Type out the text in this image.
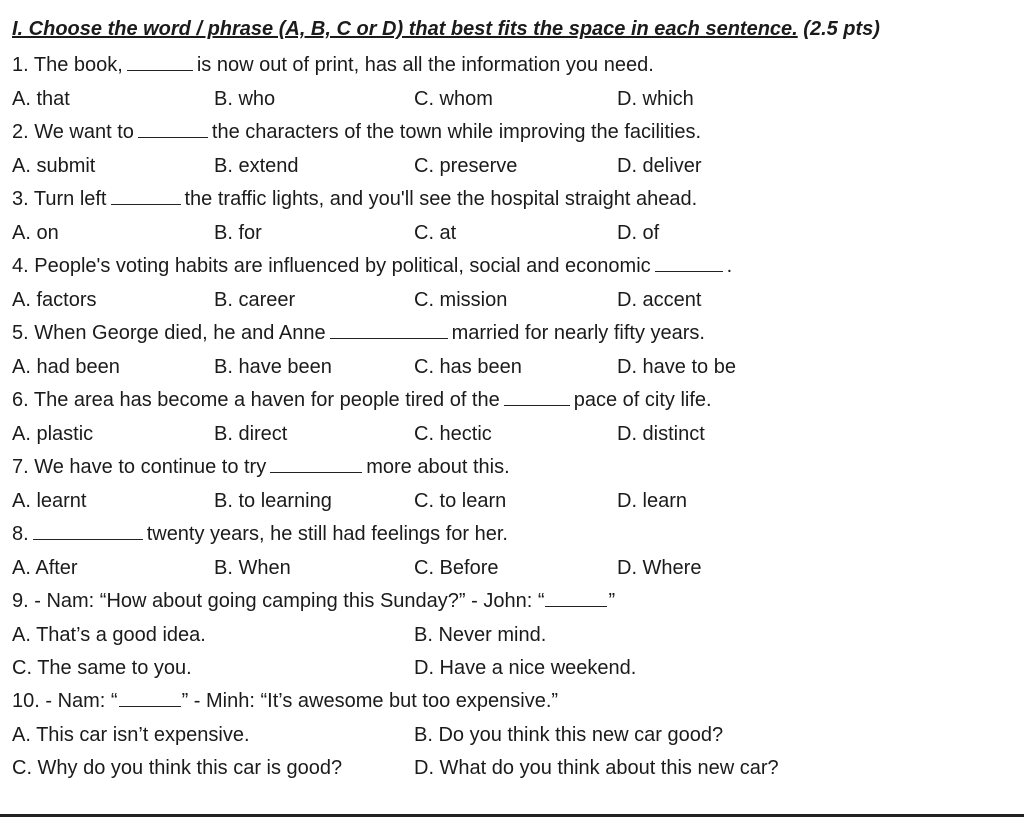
I. Choose the word / phrase (A, B, C or D) that best fits the space in each sentence. (2.5 pts)
1. The book,	is now out of print, has all the information you need.
A. that	B. who	C. whom	D. which
2. We want to	the characters of the town while improving the facilities.
A. submit	B. extend	C. preserve	D. deliver
3. Turn left	the traffic lights, and you'll see the hospital straight ahead.
A. on	B. for	C. at	D. of
4. People's voting habits are influenced by political, social and economic	.
A. factors	B. career	C. mission	D. accent
5. When George died, he and Anne	married for nearly fifty years.
A. had been	B. have been	C. has been	D. have to be
6. The area has become a haven for people tired of the	pace of city life.
A. plastic	B. direct	C. hectic	D. distinct
7. We have to continue to try	more about this.
A. learnt	B. to learning	C. to learn	D. learn
8.	twenty years, he still had feelings for her.
A. After	B. When	C. Before	D. Where
9. - Nam: “How about going camping this Sunday?” - John: “	”
A. That’s a good idea.	B. Never mind.
C. The same to you.	D. Have a nice weekend.
10. - Nam: “	” - Minh: “It’s awesome but too expensive.”
A. This car isn’t expensive.	B. Do you think this new car good?
C. Why do you think this car is good?	D. What do you think about this new car?
